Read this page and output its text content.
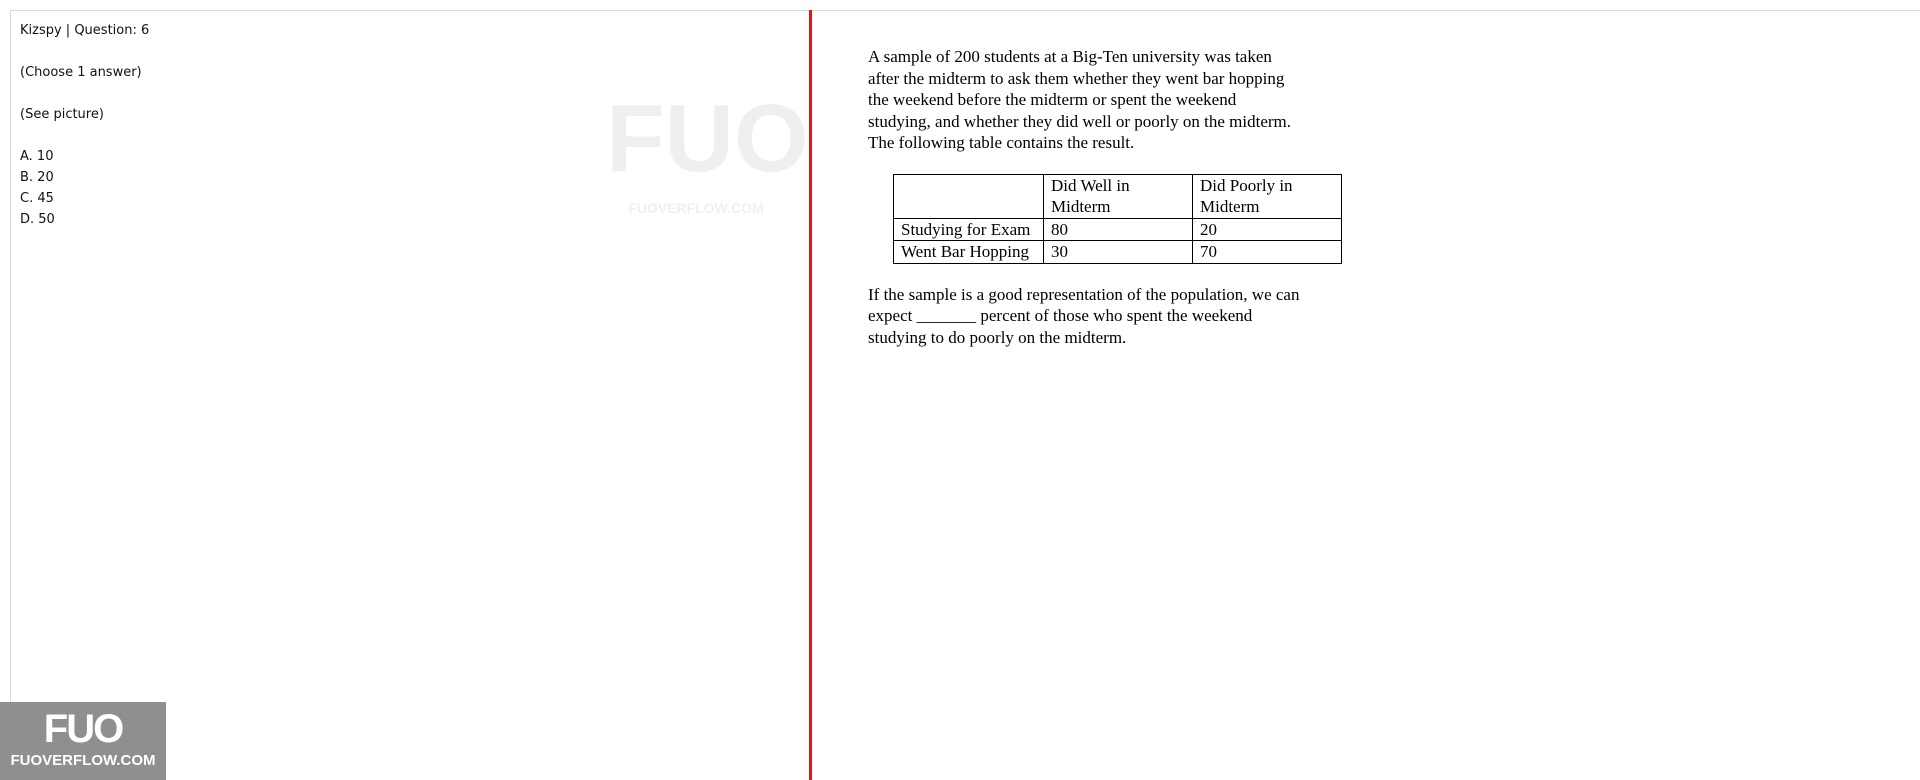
Kizspy | Question: 6

(Choose 1 answer)

(See picture)

A. 10

B. 20

C. 45

D. 50

FUO
FUOVERFLOW.COM

A sample of 200 students at a Big-Ten university was taken

after the midterm to ask them whether they went bar hopping

the weekend before the midterm or spent the weekend

studying, and whether they did well or poorly on the midterm.

The following table contains the result.

	Did Well in Midterm	Did Poorly in Midterm
Studying for Exam	80	20
Went Bar Hopping	30	70

If the sample is a good representation of the population, we can

expect _______ percent of those who spent the weekend

studying to do poorly on the midterm.

FUO
FUOVERFLOW.COM
